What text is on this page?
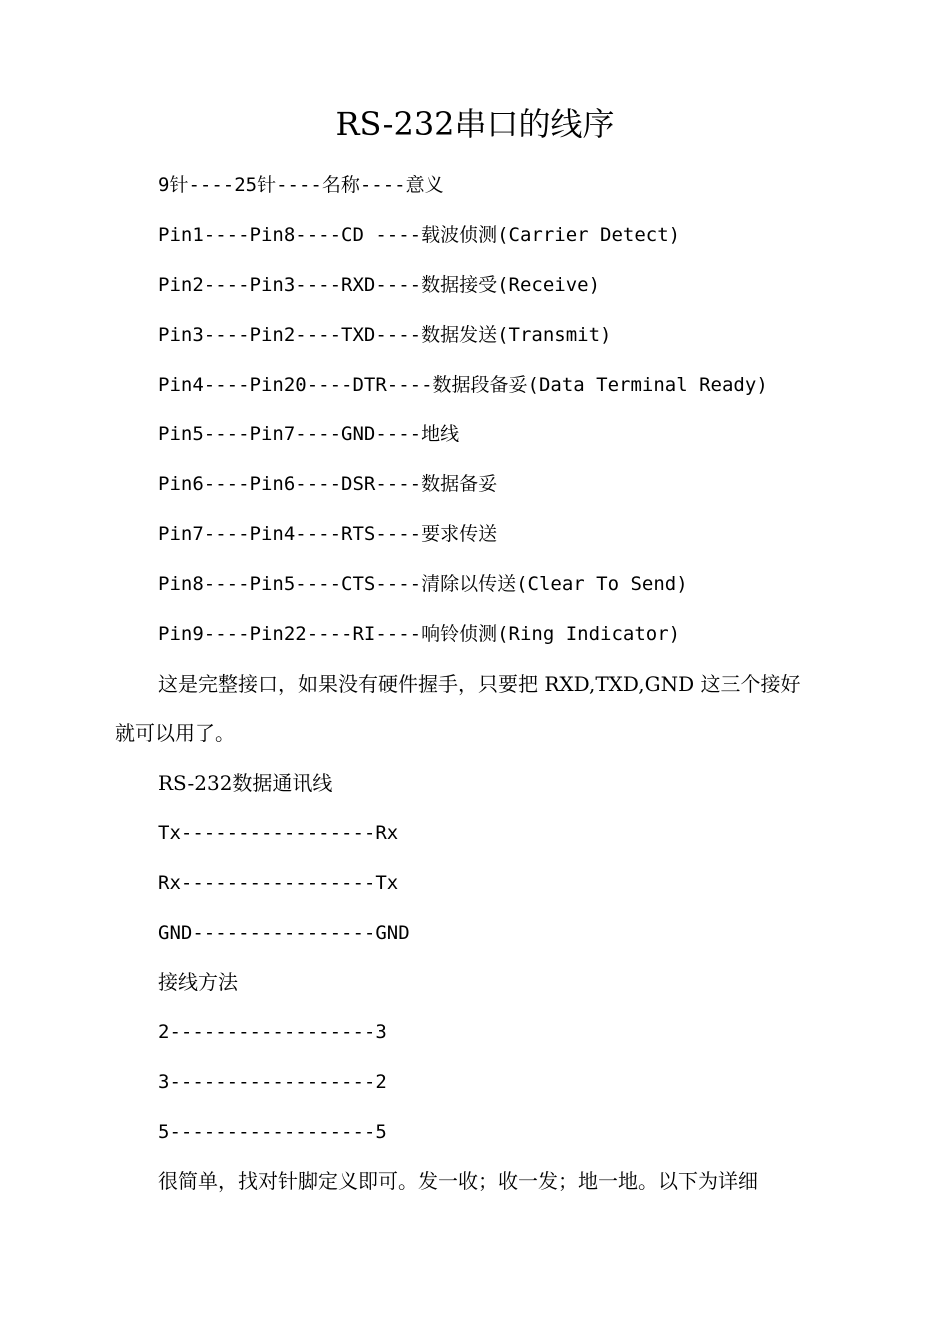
RS-232串口的线序

9针----25针----名称----意义

Pin1----Pin8----CD ----载波侦测(Carrier Detect)

Pin2----Pin3----RXD----数据接受(Receive)

Pin3----Pin2----TXD----数据发送(Transmit)

Pin4----Pin20----DTR----数据段备妥(Data Terminal Ready)

Pin5----Pin7----GND----地线

Pin6----Pin6----DSR----数据备妥

Pin7----Pin4----RTS----要求传送

Pin8----Pin5----CTS----清除以传送(Clear To Send)

Pin9----Pin22----RI----响铃侦测(Ring Indicator)

这是完整接口，如果没有硬件握手，只要把 RXD,TXD,GND 这三个接好

就可以用了。

RS-232数据通讯线

Tx-----------------Rx

Rx-----------------Tx

GND----------------GND

接线方法

2------------------3

3------------------2

5------------------5

很简单，找对针脚定义即可。发一收；收一发；地一地。以下为详细
